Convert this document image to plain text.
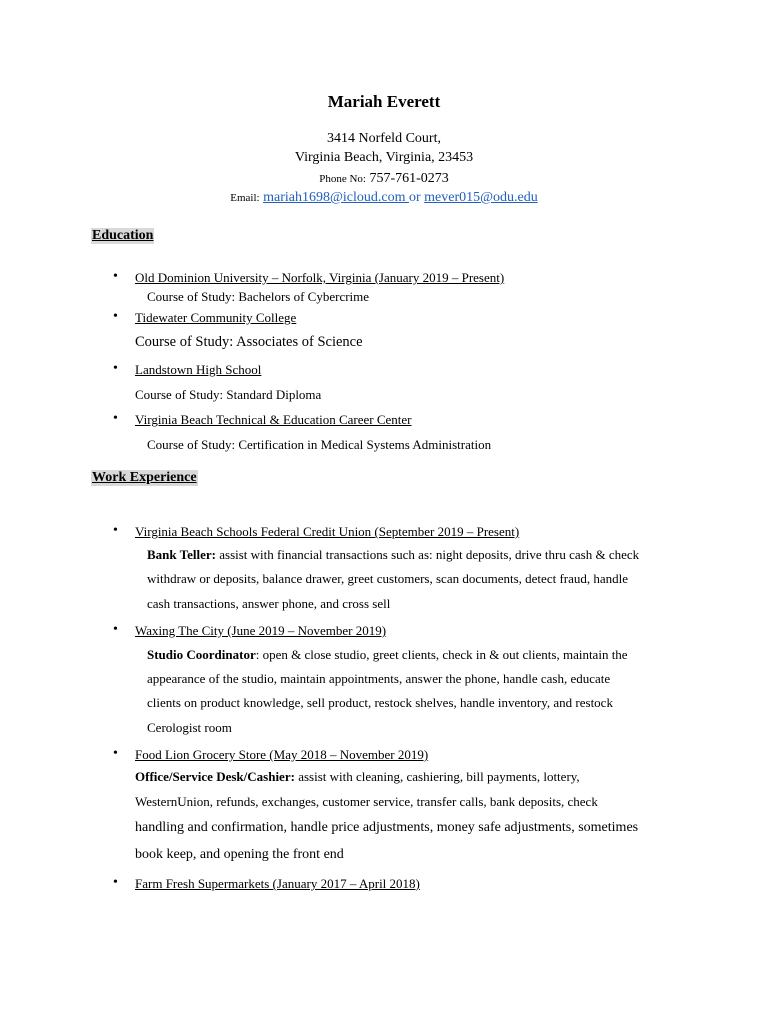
Mariah Everett
3414 Norfeld Court,
Virginia Beach, Virginia, 23453
Phone No: 757-761-0273
Email: mariah1698@icloud.com or mever015@odu.edu
Education
• Old Dominion University – Norfolk, Virginia (January 2019 – Present)
Course of Study: Bachelors of Cybercrime
• Tidewater Community College
Course of Study: Associates of Science
• Landstown High School
Course of Study: Standard Diploma
• Virginia Beach Technical & Education Career Center
Course of Study: Certification in Medical Systems Administration
Work Experience
• Virginia Beach Schools Federal Credit Union (September 2019 – Present)
Bank Teller: assist with financial transactions such as: night deposits, drive thru cash & check
withdraw or deposits, balance drawer, greet customers, scan documents, detect fraud, handle
cash transactions, answer phone, and cross sell
• Waxing The City (June 2019 – November 2019)
Studio Coordinator: open & close studio, greet clients, check in & out clients, maintain the
appearance of the studio, maintain appointments, answer the phone, handle cash, educate
clients on product knowledge, sell product, restock shelves, handle inventory, and restock
Cerologist room
• Food Lion Grocery Store (May 2018 – November 2019)
Office/Service Desk/Cashier: assist with cleaning, cashiering, bill payments, lottery,
WesternUnion, refunds, exchanges, customer service, transfer calls, bank deposits, check
handling and confirmation, handle price adjustments, money safe adjustments, sometimes
book keep, and opening the front end
• Farm Fresh Supermarkets (January 2017 – April 2018)
